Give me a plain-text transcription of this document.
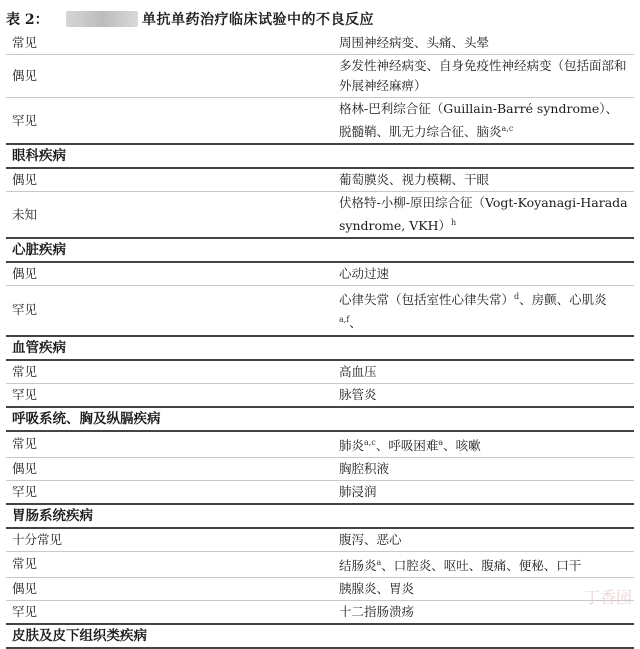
表 2：	单抗单药治疗临床试验中的不良反应
常见	周围神经病变、头痛、头晕
偶见	多发性神经病变、自身免疫性神经病变（包括面部和外展神经麻痹）
罕见	格林-巴利综合征（Guillain-Barré syndrome）、脱髓鞘、肌无力综合征、脑炎$^{a,c}$
眼科疾病	
偶见	葡萄膜炎、视力模糊、干眼
未知	伏格特-小柳-原田综合征（Vogt-Koyanagi-Harada syndrome, VKH）$^h$
心脏疾病	
偶见	心动过速
罕见	心律失常（包括室性心律失常）$^d$、房颤、心肌炎$^{a,f}$、
血管疾病	
常见	高血压
罕见	脉管炎
呼吸系统、胸及纵膈疾病	
常见	肺炎$^{a,c}$、呼吸困难$^a$、咳嗽
偶见	胸腔积液
罕见	肺浸润
胃肠系统疾病	
十分常见	腹泻、恶心
常见	结肠炎$^a$、口腔炎、呕吐、腹痛、便秘、口干
偶见	胰腺炎、胃炎
罕见	十二指肠溃疡
皮肤及皮下组织类疾病	
丁香园
